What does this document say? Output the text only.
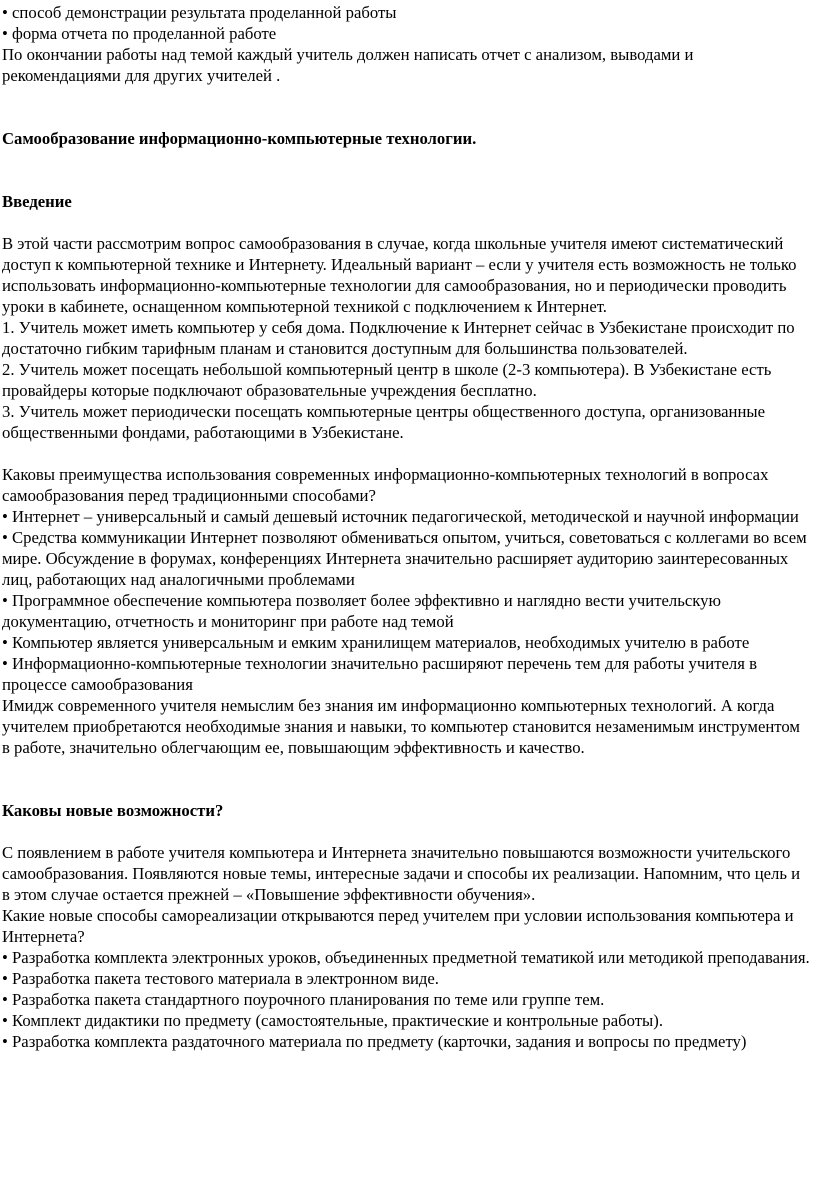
• способ демонстрации результата проделанной работы

• форма отчета по проделанной работе

По окончании работы над темой каждый учитель должен написать отчет с анализом, выводами и рекомендациями для других учителей .

Самообразование информационно-компьютерные технологии.

Введение

В этой части рассмотрим вопрос самообразования в случае, когда школьные учителя имеют систематический доступ к компьютерной технике и Интернету. Идеальный вариант – если у учителя есть возможность не только использовать информационно-компьютерные технологии для самообразования, но и периодически проводить уроки в кабинете, оснащенном компьютерной техникой с подключением к Интернет.

1. Учитель может иметь компьютер у себя дома. Подключение к Интернет сейчас в Узбекистане происходит по достаточно гибким тарифным планам и становится доступным для большинства пользователей.

2. Учитель может посещать небольшой компьютерный центр в школе (2-3 компьютера). В Узбекистане есть провайдеры которые подключают образовательные учреждения бесплатно.

3. Учитель может периодически посещать компьютерные центры общественного доступа, организованные общественными фондами, работающими в Узбекистане.

Каковы преимущества использования современных информационно-компьютерных технологий в вопросах самообразования перед традиционными способами?

• Интернет – универсальный и самый дешевый источник педагогической, методической и научной информации

• Средства коммуникации Интернет позволяют обмениваться опытом, учиться, советоваться с коллегами во всем мире. Обсуждение в форумах, конференциях Интернета значительно расширяет аудиторию заинтересованных лиц, работающих над аналогичными проблемами

• Программное обеспечение компьютера позволяет более эффективно и наглядно вести учительскую документацию, отчетность и мониторинг при работе над темой

• Компьютер является универсальным и емким хранилищем материалов, необходимых учителю в работе

• Информационно-компьютерные технологии значительно расширяют перечень тем для работы учителя в процессе самообразования

Имидж современного учителя немыслим без знания им информационно компьютерных технологий. А когда учителем приобретаются необходимые знания и навыки, то компьютер становится незаменимым инструментом в работе, значительно облегчающим ее, повышающим эффективность и качество.

Каковы новые возможности?

С появлением в работе учителя компьютера и Интернета значительно повышаются возможности учительского самообразования. Появляются новые темы, интересные задачи и способы их реализации. Напомним, что цель и в этом случае остается прежней – «Повышение эффективности обучения».

Какие новые способы самореализации открываются перед учителем при условии использования компьютера и Интернета?

• Разработка комплекта электронных уроков, объединенных предметной тематикой или методикой преподавания.

• Разработка пакета тестового материала в электронном виде.

• Разработка пакета стандартного поурочного планирования по теме или группе тем.

• Комплект дидактики по предмету (самостоятельные, практические и контрольные работы).

• Разработка комплекта раздаточного материала по предмету (карточки, задания и вопросы по предмету)
